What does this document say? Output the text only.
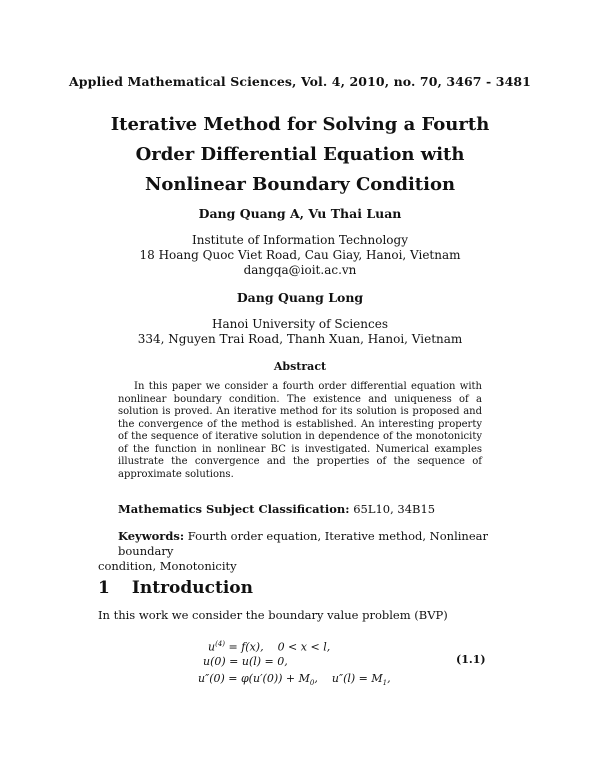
Applied Mathematical Sciences, Vol. 4, 2010, no. 70, 3467 - 3481
Iterative Method for Solving a Fourth
Order Differential Equation with
Nonlinear Boundary Condition
Dang Quang A, Vu Thai Luan
Institute of Information Technology
18 Hoang Quoc Viet Road, Cau Giay, Hanoi, Vietnam
dangqa@ioit.ac.vn
Dang Quang Long
Hanoi University of Sciences
334, Nguyen Trai Road, Thanh Xuan, Hanoi, Vietnam
Abstract
In this paper we consider a fourth order differential equation with nonlinear boundary condition. The existence and uniqueness of a solution is proved. An iterative method for its solution is proposed and the convergence of the method is established. An interesting property of the sequence of iterative solution in dependence of the monotonicity of the function in nonlinear BC is investigated. Numerical examples illustrate the convergence and the properties of the sequence of approximate solutions.
Mathematics Subject Classification: 65L10, 34B15
Keywords: Fourth order equation, Iterative method, Nonlinear boundary
condition, Monotonicity
1 Introduction
In this work we consider the boundary value problem (BVP)
$u^{(4)} = f(x)$,    0 < x < l,
u(0) = u(l) = 0,
$u''(0) = \varphi(u'(0)) + M_0$,    $u''(l) = M_1$,
(1.1)
